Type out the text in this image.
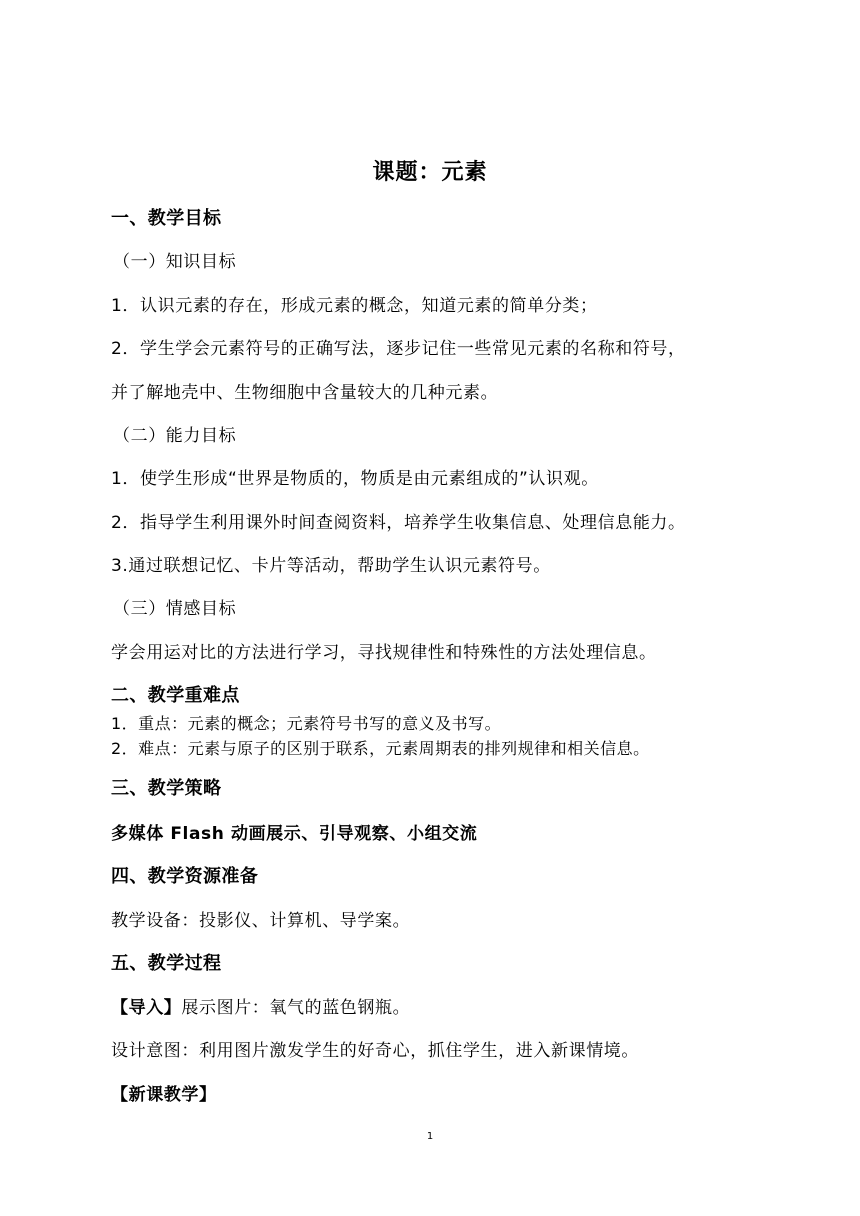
课题：元素
一、教学目标
（一）知识目标
1．认识元素的存在，形成元素的概念，知道元素的简单分类；
2．学生学会元素符号的正确写法，逐步记住一些常见元素的名称和符号，
并了解地壳中、生物细胞中含量较大的几种元素。
（二）能力目标
1．使学生形成“世界是物质的，物质是由元素组成的”认识观。
2．指导学生利用课外时间查阅资料，培养学生收集信息、处理信息能力。
3.通过联想记忆、卡片等活动，帮助学生认识元素符号。
（三）情感目标
学会用运对比的方法进行学习，寻找规律性和特殊性的方法处理信息。
二、教学重难点
1．重点：元素的概念；元素符号书写的意义及书写。
2．难点：元素与原子的区别于联系，元素周期表的排列规律和相关信息。
三、教学策略
多媒体 Flash 动画展示、引导观察、小组交流
四、教学资源准备
教学设备：投影仪、计算机、导学案。
五、教学过程
【导入】展示图片：氧气的蓝色钢瓶。
设计意图：利用图片激发学生的好奇心，抓住学生，进入新课情境。
【新课教学】
1
